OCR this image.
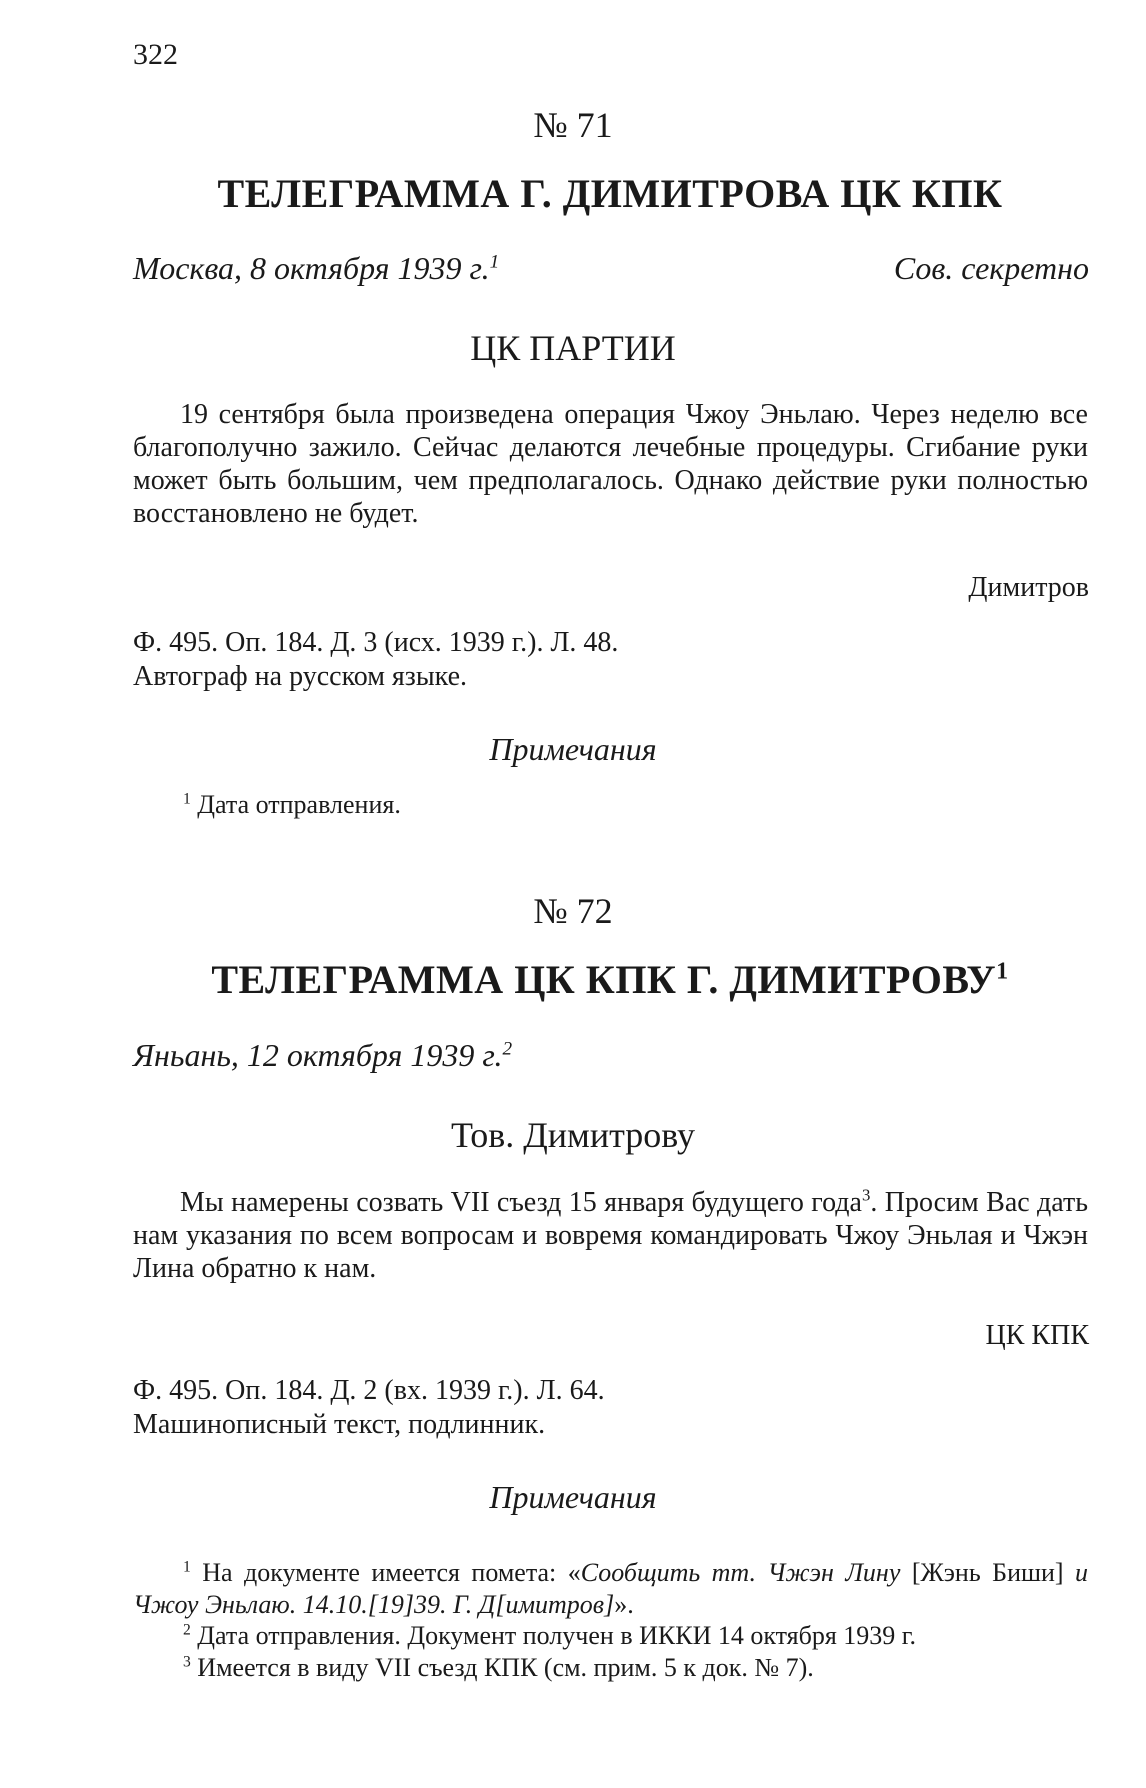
322
№ 71
ТЕЛЕГРАММА Г. ДИМИТРОВА ЦК КПК
Москва, 8 октября 1939 г.$^1$	Сов. секретно
ЦК ПАРТИИ
19 сентября была произведена операция Чжоу Эньлаю. Через неделю все благополучно зажило. Сейчас делаются лечебные процедуры. Сгибание руки может быть большим, чем предполагалось. Однако действие руки полностью восстановлено не будет.
Димитров
Ф. 495. Оп. 184. Д. 3 (исх. 1939 г.). Л. 48.
Автограф на русском языке.
Примечания
$^1$ Дата отправления.
№ 72
ТЕЛЕГРАММА ЦК КПК Г. ДИМИТРОВУ$^1$
Яньань, 12 октября 1939 г.$^2$
Тов. Димитрову
Мы намерены созвать VII съезд 15 января будущего года$^3$. Просим Вас дать нам указания по всем вопросам и вовремя командировать Чжоу Эньлая и Чжэн Лина обратно к нам.
ЦК КПК
Ф. 495. Оп. 184. Д. 2 (вх. 1939 г.). Л. 64.
Машинописный текст, подлинник.
Примечания
$^1$ На документе имеется помета: «Сообщить тт. Чжэн Лину [Жэнь Биши] и Чжоу Эньлаю. 14.10.[19]39. Г. Д[имитров]».
$^2$ Дата отправления. Документ получен в ИККИ 14 октября 1939 г.
$^3$ Имеется в виду VII съезд КПК (см. прим. 5 к док. № 7).
